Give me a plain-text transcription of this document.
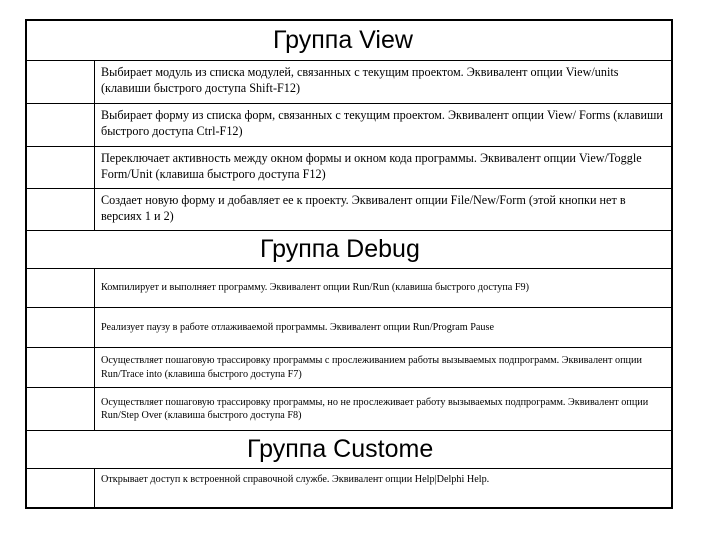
Группа View
Выбирает модуль из списка модулей, связанных с текущим проектом. Эквивалент опции View/units (клавиши быстрого доступа Shift-F12)
Выбирает форму из списка форм, связанных с текущим проектом. Эквивалент опции View/ Forms (клавиши быстрого доступа Ctrl-F12)
Переключает активность между окном формы и окном кода программы. Эквивалент опции View/Toggle Form/Unit (клавиша быстрого доступа F12)
Создает новую форму и добавляет ее к проекту. Эквивалент опции File/New/Form (этой кнопки нет в версиях 1 и 2)
Группа Debug
Компилирует и выполняет программу. Эквивалент опции Run/Run (клавиша быстрого доступа F9)
Реализует паузу в работе отлаживаемой программы. Эквивалент опции Run/Program Pause
Осуществляет пошаговую трассировку программы с прослеживанием работы вызываемых подпрограмм. Эквивалент опции Run/Trace into (клавиша быстрого доступа F7)
Осуществляет пошаговую трассировку программы, но не прослеживает работу вызываемых подпрограмм. Эквивалент опции Run/Step Over (клавиша быстрого доступа F8)
Группа Custome
Открывает доступ к встроенной справочной службе. Эквивалент опции Help|Delphi Help.
